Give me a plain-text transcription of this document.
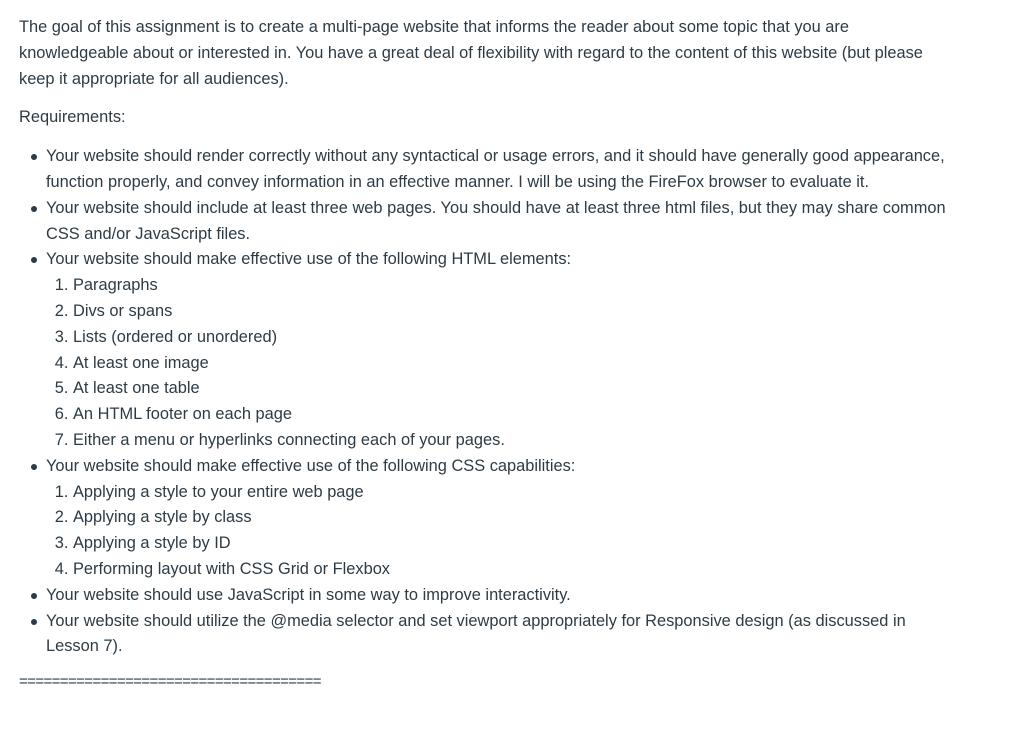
The goal of this assignment is to create a multi-page website that informs the reader about some topic that you are knowledgeable about or interested in. You have a great deal of flexibility with regard to the content of this website (but please keep it appropriate for all audiences).

Requirements:

Your website should render correctly without any syntactical or usage errors, and it should have generally good appearance, function properly, and convey information in an effective manner. I will be using the FireFox browser to evaluate it.
Your website should include at least three web pages. You should have at least three html files, but they may share common CSS and/or JavaScript files.
Your website should make effective use of the following HTML elements:
1. Paragraphs
2. Divs or spans
3. Lists (ordered or unordered)
4. At least one image
5. At least one table
6. An HTML footer on each page
7. Either a menu or hyperlinks connecting each of your pages.
Your website should make effective use of the following CSS capabilities:
1. Applying a style to your entire web page
2. Applying a style by class
3. Applying a style by ID
4. Performing layout with CSS Grid or Flexbox
Your website should use JavaScript in some way to improve interactivity.
Your website should utilize the @media selector and set viewport appropriately for Responsive design (as discussed in Lesson 7).
=====================================
